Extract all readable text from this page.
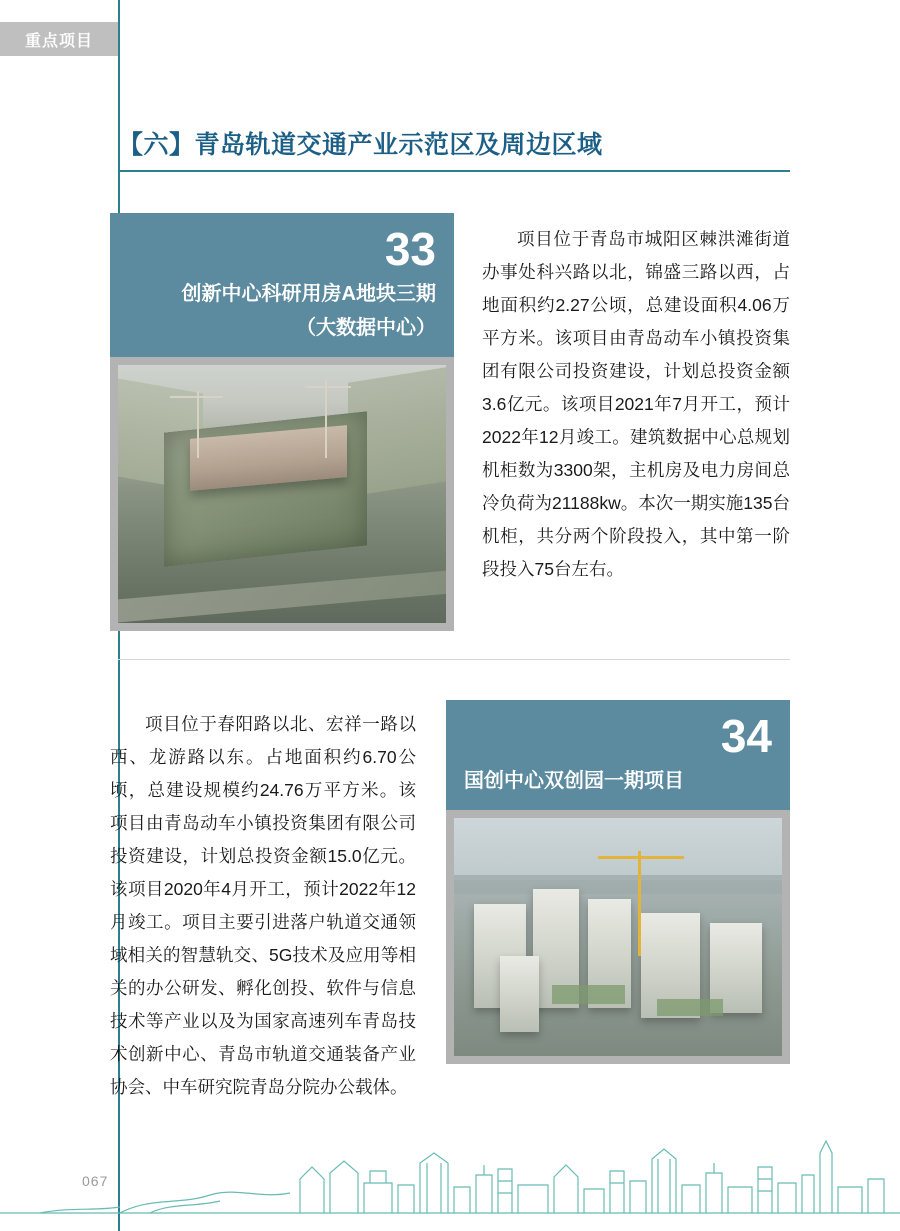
重点项目
【六】青岛轨道交通产业示范区及周边区域
33
创新中心科研用房A地块三期
（大数据中心）
项目位于青岛市城阳区棘洪滩街道办事处科兴路以北，锦盛三路以西，占地面积约2.27公顷，总建设面积4.06万平方米。该项目由青岛动车小镇投资集团有限公司投资建设，计划总投资金额3.6亿元。该项目2021年7月开工，预计2022年12月竣工。建筑数据中心总规划机柜数为3300架，主机房及电力房间总冷负荷为21188kw。本次一期实施135台机柜，共分两个阶段投入，其中第一阶段投入75台左右。
项目位于春阳路以北、宏祥一路以西、龙游路以东。占地面积约6.70公顷，总建设规模约24.76万平方米。该项目由青岛动车小镇投资集团有限公司投资建设，计划总投资金额15.0亿元。该项目2020年4月开工，预计2022年12月竣工。项目主要引进落户轨道交通领域相关的智慧轨交、5G技术及应用等相关的办公研发、孵化创投、软件与信息技术等产业以及为国家高速列车青岛技术创新中心、青岛市轨道交通装备产业协会、中车研究院青岛分院办公载体。
34
国创中心双创园一期项目
067
